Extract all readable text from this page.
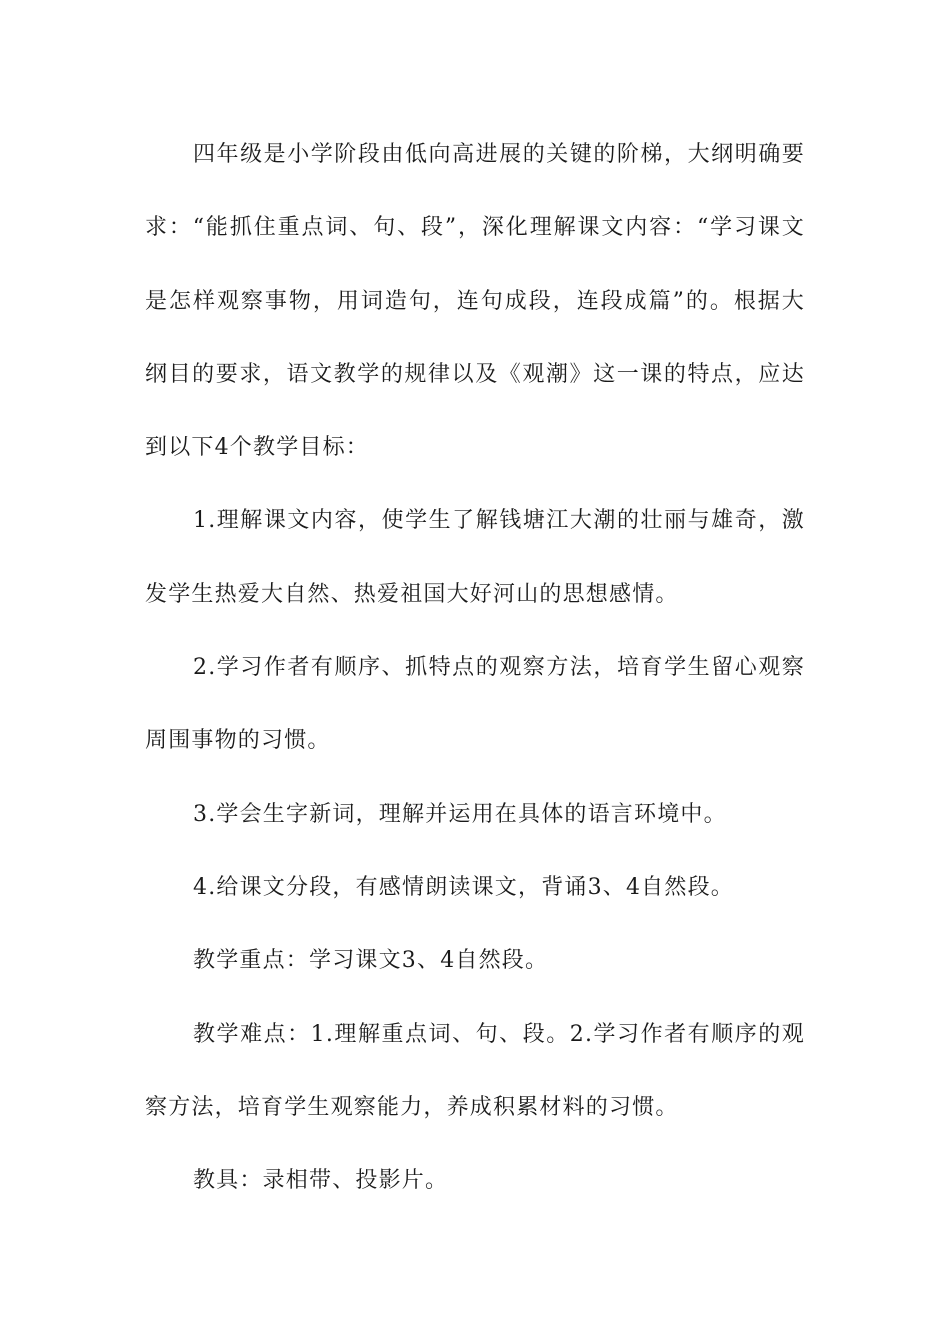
四年级是小学阶段由低向高进展的关键的阶梯，大纲明确要求：“能抓住重点词、句、段”，深化理解课文内容：“学习课文是怎样观察事物，用词造句，连句成段，连段成篇”的。根据大纲目的要求，语文教学的规律以及《观潮》这一课的特点，应达到以下4个教学目标：

1.理解课文内容，使学生了解钱塘江大潮的壮丽与雄奇，激发学生热爱大自然、热爱祖国大好河山的思想感情。

2.学习作者有顺序、抓特点的观察方法，培育学生留心观察周围事物的习惯。

3.学会生字新词，理解并运用在具体的语言环境中。

4.给课文分段，有感情朗读课文，背诵3、4自然段。

教学重点：学习课文3、4自然段。

教学难点：1.理解重点词、句、段。2.学习作者有顺序的观察方法，培育学生观察能力，养成积累材料的习惯。

教具：录相带、投影片。
